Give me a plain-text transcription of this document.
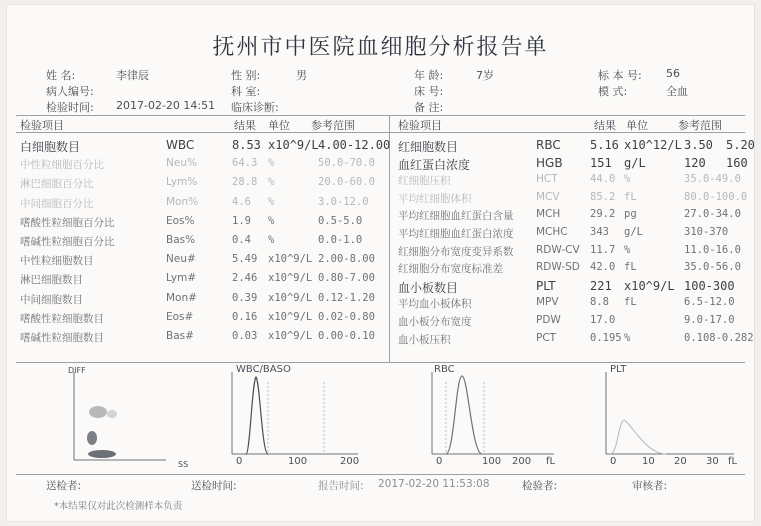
抚州市中医院血细胞分析报告单
姓 名:	李律辰	性 别:	男	年 龄:	7岁	标 本 号: 56
病人编号:	科 室:	床 号:	模 式:	全血
检验时间: 2017-02-20 14:51 临床诊断:	备 注:
检验项目	结果 单位 参考范围	检验项目	结果 单位	参考范围
白细胞数目	WBC	8.53 x10^9/L 4.00-12.00
中性粒细胞百分比	Neu%	64.3 %	50.0-70.0
淋巴细胞百分比	Lym%	28.8 %	20.0-60.0
中间细胞百分比	Mon%	4.6 %	3.0-12.0
嗜酸性粒细胞百分比	Eos%	1.9 %	0.5-5.0
嗜碱性粒细胞百分比	Bas%	0.4 %	0.0-1.0
中性粒细胞数目	Neu#	5.49 x10^9/L 2.00-8.00
淋巴细胞数目	Lym#	2.46 x10^9/L 0.80-7.00
中间细胞数目	Mon#	0.39 x10^9/L 0.12-1.20
嗜酸性粒细胞数目	Eos#	0.16 x10^9/L 0.02-0.80
嗜碱性粒细胞数目	Bas#	0.03 x10^9/L 0.00-0.10
红细胞数目	RBC 5.16 x10^12/L 3.50 5.20
血红蛋白浓度	HGB 151 g/L	120 160
红细胞压积	HCT	44.0 %	35.0-49.0
平均红细胞体积	MCV	85.2 fL	80.0-100.0
平均红细胞血红蛋白含量 MCH	29.2 pg	27.0-34.0
平均红细胞血红蛋白浓度 MCHC 343 g/L	310-370
红细胞分布宽度变异系数 RDW-CV 11.7 %	11.0-16.0
红细胞分布宽度标准差	RDW-SD 42.0 fL	35.0-56.0
血小板数目	PLT	221 x10^9/L 100-300
平均血小板体积	MPV	8.8 fL	6.5-12.0
血小板分布宽度	PDW	17.0	9.0-17.0
血小板压积	PCT	0.195 %	0.108-0.282
DIFF	WBC/BASO	RBC	PLT
SS	0	100	200	0	100 200 fL	0	10 20 30 fL
送检者:	送检时间:	报告时间: 2017-02-20 11:53:08	检验者:	审核者:
*本结果仅对此次检测样本负责
